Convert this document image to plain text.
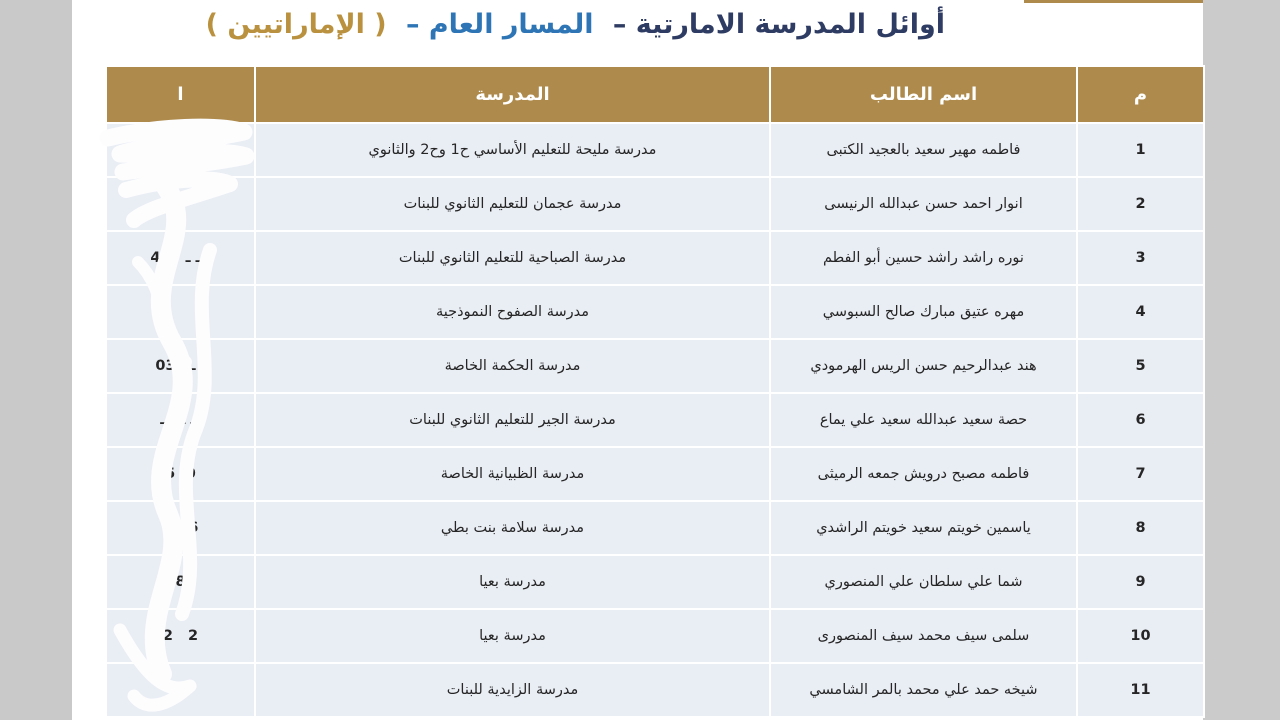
أوائل المدرسة الامارتية – المسار العام – ( الإماراتيين )
م	اسم الطالب	المدرسة	ا
1	فاطمه مهير سعيد بالعجيد الكتبى	مدرسة مليحة للتعليم الأساسي ح1 وح2 والثانوي	7        ..  7
2	انوار احمد حسن عبدالله الرنيسى	مدرسة عجمان للتعليم الثانوي للبنات	ء
3	نوره راشد راشد حسين أبو الفطم	مدرسة الصباحية للتعليم الثانوي للبنات	ـ ـ ـ   44
4	مهره عتيق مبارك صالح السبوسي	مدرسة الصفوح النموذجية	
5	هند عبدالرحيم حسن الريس الهرمودي	مدرسة الحكمة الخاصة	ـ ـ  ـ03
6	حصة سعيد عبدالله سعيد علي يماع	مدرسة الجير للتعليم الثانوي للبنات	ـ ـ   ـJ
7	فاطمه مصبح درويش جمعه الرميثى	مدرسة الظبيانية الخاصة	5 ٫0
8	ياسمين خويتم سعيد خويتم الراشدي	مدرسة سلامة بنت بطي	2  ،6
9	شما علي سلطان علي المنصوري	مدرسة بعيا	585
10	سلمى سيف محمد سيف المنصورى	مدرسة بعيا	2   2
11	شيخه حمد علي محمد بالمر الشامسي	مدرسة الزايدية للبنات	و
